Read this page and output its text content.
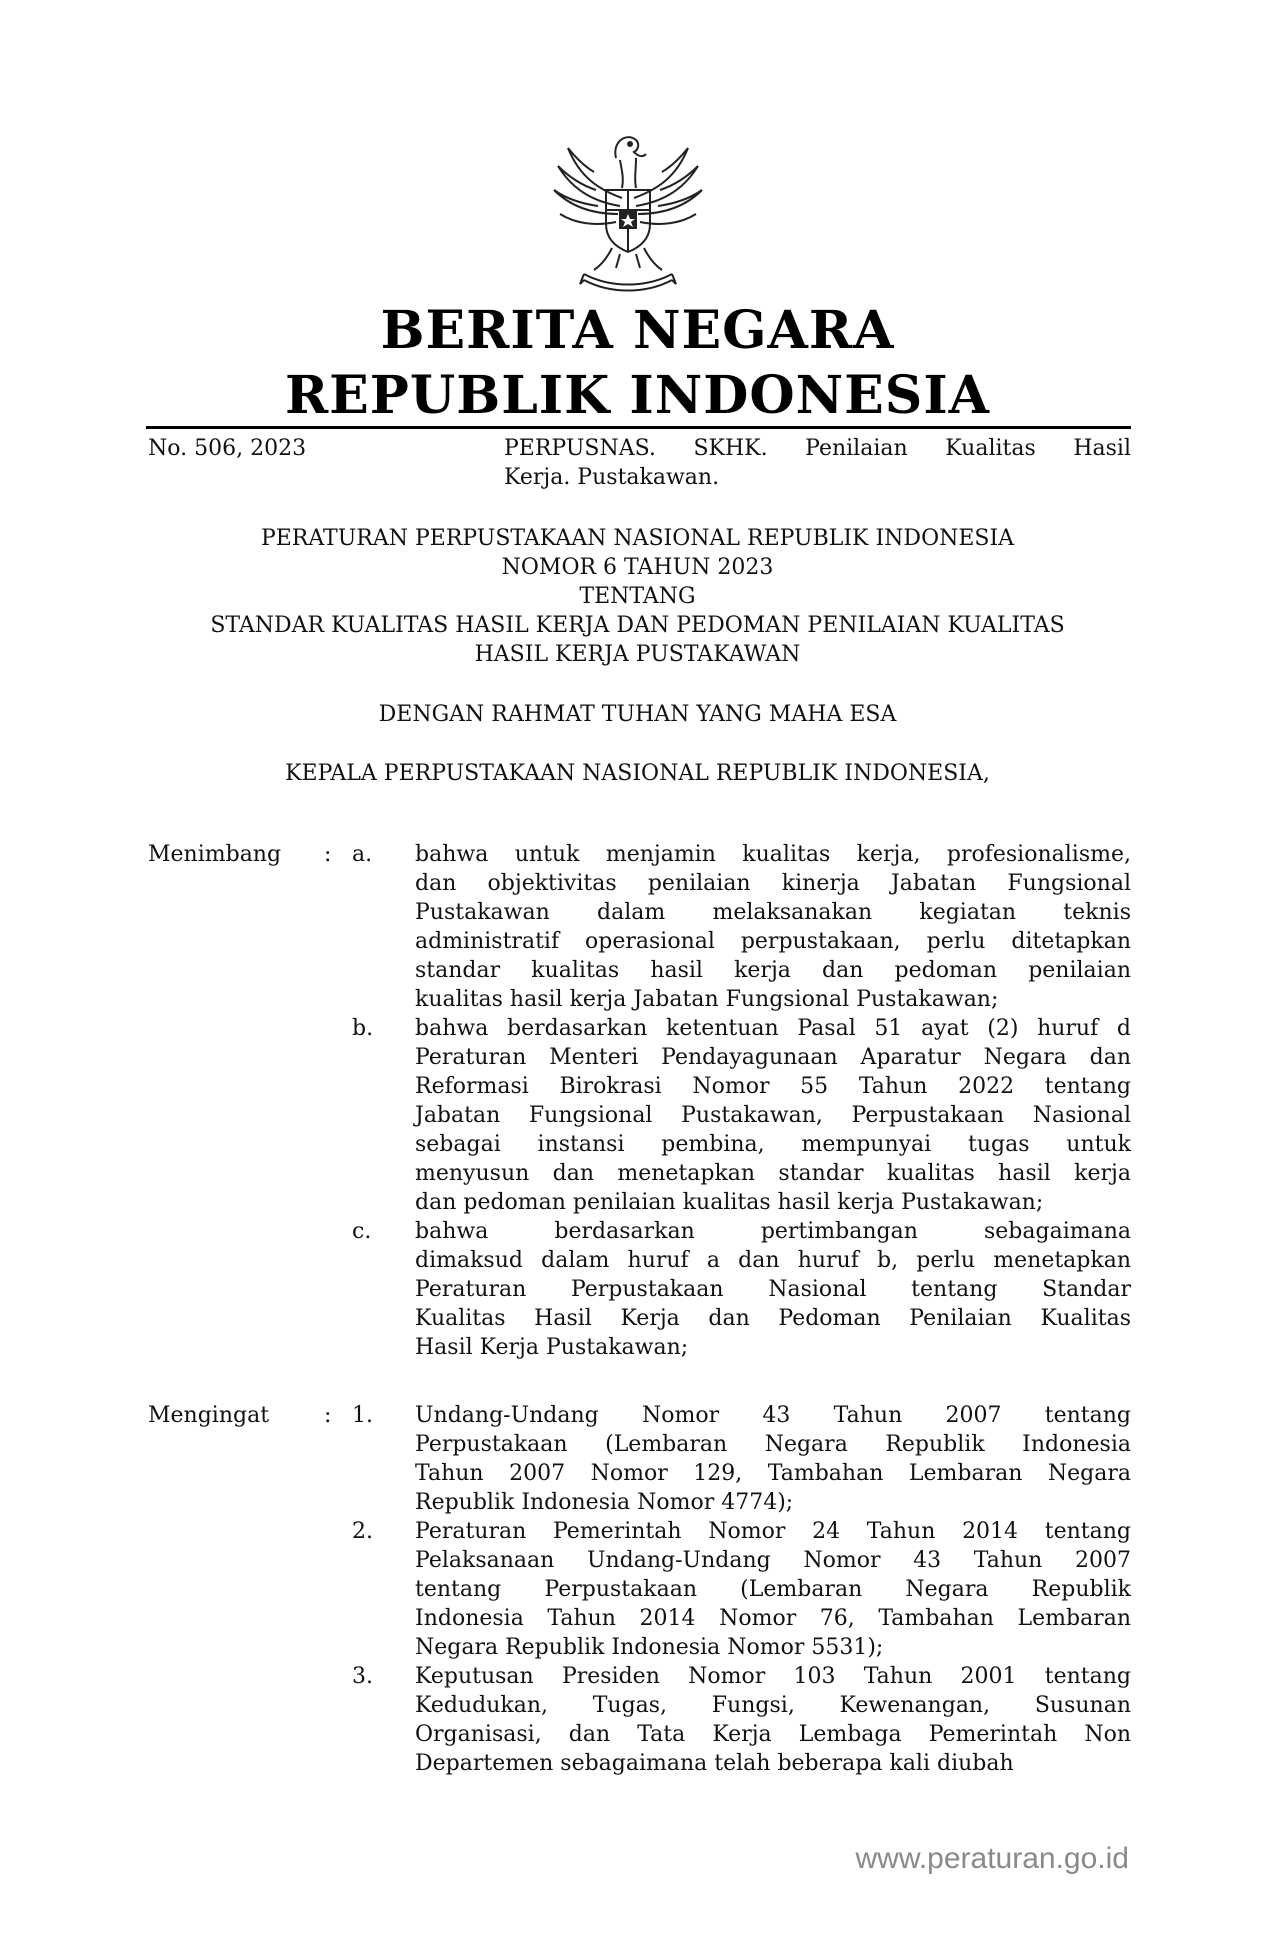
BERITA NEGARA
REPUBLIK INDONESIA
No. 506, 2023	PERPUSNAS. SKHK. Penilaian Kualitas Hasil
Kerja. Pustakawan.
PERATURAN PERPUSTAKAAN NASIONAL REPUBLIK INDONESIA
NOMOR 6 TAHUN 2023
TENTANG
STANDAR KUALITAS HASIL KERJA DAN PEDOMAN PENILAIAN KUALITAS
HASIL KERJA PUSTAKAWAN
DENGAN RAHMAT TUHAN YANG MAHA ESA
KEPALA PERPUSTAKAAN NASIONAL REPUBLIK INDONESIA,
Menimbang : a.	bahwa untuk menjamin kualitas kerja, profesionalisme,
dan objektivitas penilaian kinerja Jabatan Fungsional
Pustakawan dalam melaksanakan kegiatan teknis
administratif operasional perpustakaan, perlu ditetapkan
standar kualitas hasil kerja dan pedoman penilaian
kualitas hasil kerja Jabatan Fungsional Pustakawan;
b.	bahwa berdasarkan ketentuan Pasal 51 ayat (2) huruf d
Peraturan Menteri Pendayagunaan Aparatur Negara dan
Reformasi Birokrasi Nomor 55 Tahun 2022 tentang
Jabatan Fungsional Pustakawan, Perpustakaan Nasional
sebagai instansi pembina, mempunyai tugas untuk
menyusun dan menetapkan standar kualitas hasil kerja
dan pedoman penilaian kualitas hasil kerja Pustakawan;
c.	bahwa berdasarkan pertimbangan sebagaimana
dimaksud dalam huruf a dan huruf b, perlu menetapkan
Peraturan Perpustakaan Nasional tentang Standar
Kualitas Hasil Kerja dan Pedoman Penilaian Kualitas
Hasil Kerja Pustakawan;
Mengingat : 1.	Undang-Undang Nomor 43 Tahun 2007 tentang
Perpustakaan (Lembaran Negara Republik Indonesia
Tahun 2007 Nomor 129, Tambahan Lembaran Negara
Republik Indonesia Nomor 4774);
2.	Peraturan Pemerintah Nomor 24 Tahun 2014 tentang
Pelaksanaan Undang-Undang Nomor 43 Tahun 2007
tentang Perpustakaan (Lembaran Negara Republik
Indonesia Tahun 2014 Nomor 76, Tambahan Lembaran
Negara Republik Indonesia Nomor 5531);
3.	Keputusan Presiden Nomor 103 Tahun 2001 tentang
Kedudukan, Tugas, Fungsi, Kewenangan, Susunan
Organisasi, dan Tata Kerja Lembaga Pemerintah Non
Departemen sebagaimana telah beberapa kali diubah
www.peraturan.go.id
